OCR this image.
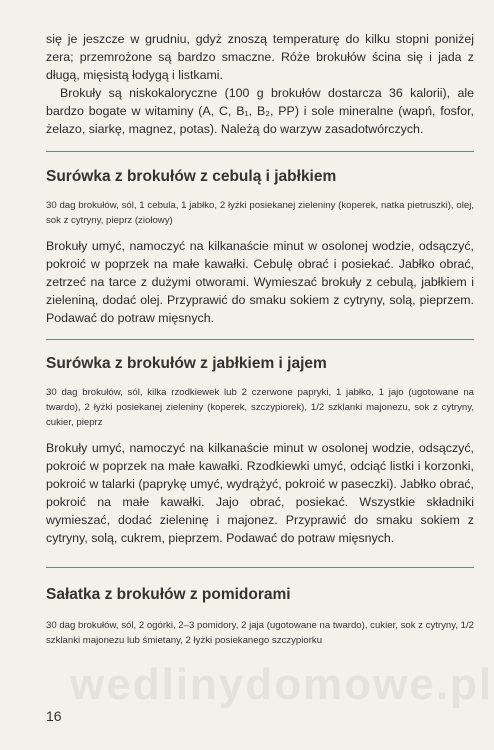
się je jeszcze w grudniu, gdyż znoszą temperaturę do kilku stopni poniżej zera; przemrożone są bardzo smaczne. Róże brokułów ścina się i jada z długą, mięsistą łodygą i listkami.

Brokuły są niskokaloryczne (100 g brokułów dostarcza 36 kalorii), ale bardzo bogate w witaminy (A, C, B₁, B₂, PP) i sole mineralne (wapń, fosfor, żelazo, siarkę, magnez, potas). Należą do warzyw zasadotwórczych.

Surówka z brokułów z cebulą i jabłkiem

30 dag brokułów, sól, 1 cebula, 1 jabłko, 2 łyżki posiekanej zieleniny (koperek, natka pietruszki), olej, sok z cytryny, pieprz (ziołowy)

Brokuły umyć, namoczyć na kilkanaście minut w osolonej wodzie, odsączyć, pokroić w poprzek na małe kawałki. Cebulę obrać i posiekać. Jabłko obrać, zetrzeć na tarce z dużymi otworami. Wymieszać brokuły z cebulą, jabłkiem i zieleniną, dodać olej. Przyprawić do smaku sokiem z cytryny, solą, pieprzem. Podawać do potraw mięsnych.

Surówka z brokułów z jabłkiem i jajem

30 dag brokułów, sól, kilka rzodkiewek lub 2 czerwone papryki, 1 jabłko, 1 jajo (ugotowane na twardo), 2 łyżki posiekanej zieleniny (koperek, szczypiorek), 1/2 szklanki majonezu, sok z cytryny, cukier, pieprz

Brokuły umyć, namoczyć na kilkanaście minut w osolonej wodzie, odsączyć, pokroić w poprzek na małe kawałki. Rzodkiewki umyć, odciąć listki i korzonki, pokroić w talarki (paprykę umyć, wydrążyć, pokroić w paseczki). Jabłko obrać, pokroić na małe kawałki. Jajo obrać, posiekać. Wszystkie składniki wymieszać, dodać zieleninę i majonez. Przyprawić do smaku sokiem z cytryny, solą, cukrem, pieprzem. Podawać do potraw mięsnych.

Sałatka z brokułów z pomidorami

30 dag brokułów, sól, 2 ogórki, 2–3 pomidory, 2 jaja (ugotowane na twardo), cukier, sok z cytryny, 1/2 szklanki majonezu lub śmietany, 2 łyżki posiekanego szczypiorku

wedlinydomowe.pl
16
